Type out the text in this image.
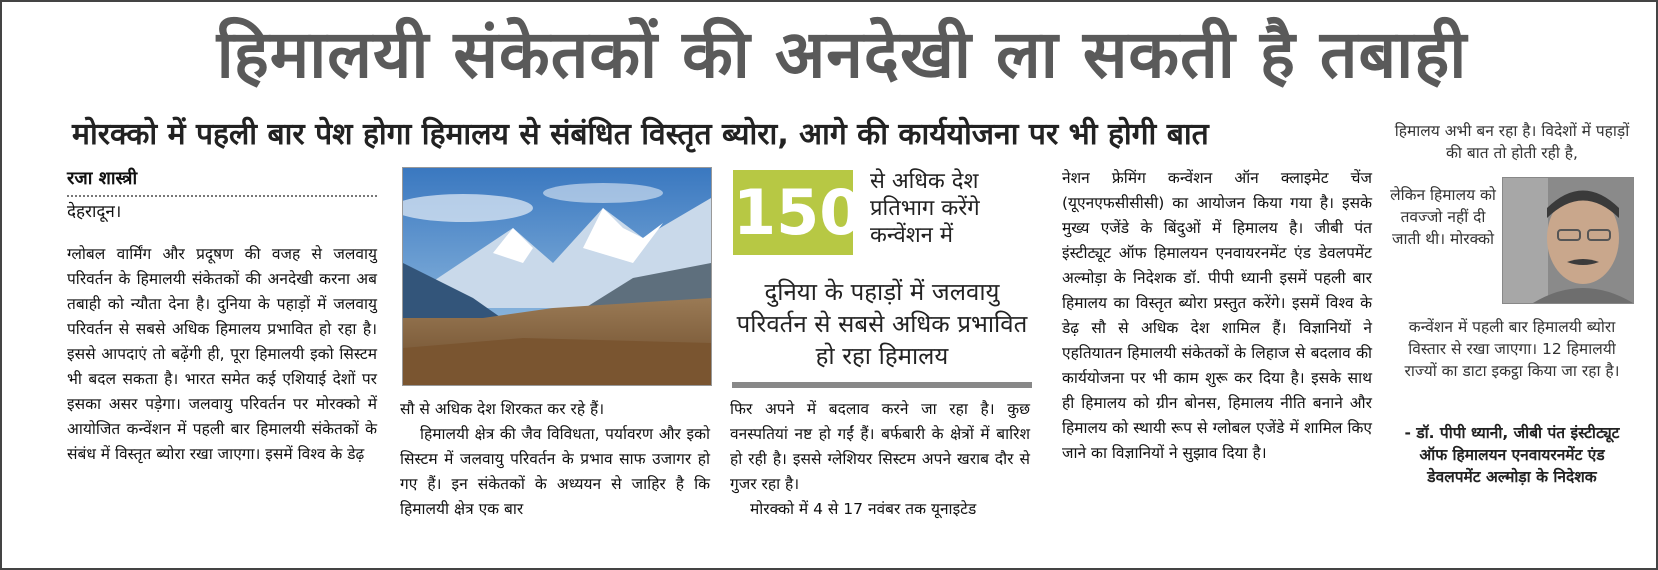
हिमालयी संकेतकों की अनदेखी ला सकती है तबाही
मोरक्को में पहली बार पेश होगा हिमालय से संबंधित विस्तृत ब्योरा, आगे की कार्ययोजना पर भी होगी बात
रजा शास्त्री
देहरादून।

ग्लोबल वार्मिंग और प्रदूषण की वजह से जलवायु परिवर्तन के हिमालयी संकेतकों की अनदेखी करना अब तबाही को न्यौता देना है। दुनिया के पहाड़ों में जलवायु परिवर्तन से सबसे अधिक हिमालय प्रभावित हो रहा है। इससे आपदाएं तो बढ़ेंगी ही, पूरा हिमालयी इको सिस्टम भी बदल सकता है। भारत समेत कई एशियाई देशों पर इसका असर पड़ेगा। जलवायु परिवर्तन पर मोरक्को में आयोजित कन्वेंशन में पहली बार हिमालयी संकेतकों के संबंध में विस्तृत ब्योरा रखा जाएगा। इसमें विश्व के डेढ़

सौ से अधिक देश शिरकत कर रहे हैं।

हिमालयी क्षेत्र की जैव विविधता, पर्यावरण और इको सिस्टम में जलवायु परिवर्तन के प्रभाव साफ उजागर हो गए हैं। इन संकेतकों के अध्ययन से जाहिर है कि हिमालयी क्षेत्र एक बार

150 से अधिक देश प्रतिभाग करेंगे कन्वेंशन में
दुनिया के पहाड़ों में जलवायु परिवर्तन से सबसे अधिक प्रभावित हो रहा हिमालय

फिर अपने में बदलाव करने जा रहा है। कुछ वनस्पतियां नष्ट हो गईं हैं। बर्फबारी के क्षेत्रों में बारिश हो रही है। इससे ग्लेशियर सिस्टम अपने खराब दौर से गुजर रहा है।

मोरक्को में 4 से 17 नवंबर तक यूनाइटेड

नेशन फ्रेमिंग कन्वेंशन ऑन क्लाइमेट चेंज (यूएनएफसीसीसी) का आयोजन किया गया है। इसके मुख्य एजेंडे के बिंदुओं में हिमालय है। जीबी पंत इंस्टीट्यूट ऑफ हिमालयन एनवायरनमेंट एंड डेवलपमेंट अल्मोड़ा के निदेशक डॉ. पीपी ध्यानी इसमें पहली बार हिमालय का विस्तृत ब्योरा प्रस्तुत करेंगे। इसमें विश्व के डेढ़ सौ से अधिक देश शामिल हैं। विज्ञानियों ने एहतियातन हिमालयी संकेतकों के लिहाज से बदलाव की कार्ययोजना पर भी काम शुरू कर दिया है। इसके साथ ही हिमालय को ग्रीन बोनस, हिमालय नीति बनाने और हिमालय को स्थायी रूप से ग्लोबल एजेंडे में शामिल किए जाने का विज्ञानियों ने सुझाव दिया है।

हिमालय अभी बन रहा है। विदेशों में पहाड़ों की बात तो होती रही है,
लेकिन हिमालय को तवज्जो नहीं दी जाती थी। मोरक्को
कन्वेंशन में पहली बार हिमालयी ब्योरा विस्तार से रखा जाएगा। 12 हिमालयी राज्यों का डाटा इकट्ठा किया जा रहा है।
- डॉ. पीपी ध्यानी, जीबी पंत इंस्टीट्यूट ऑफ हिमालयन एनवायरनमेंट एंड डेवलपमेंट अल्मोड़ा के निदेशक
